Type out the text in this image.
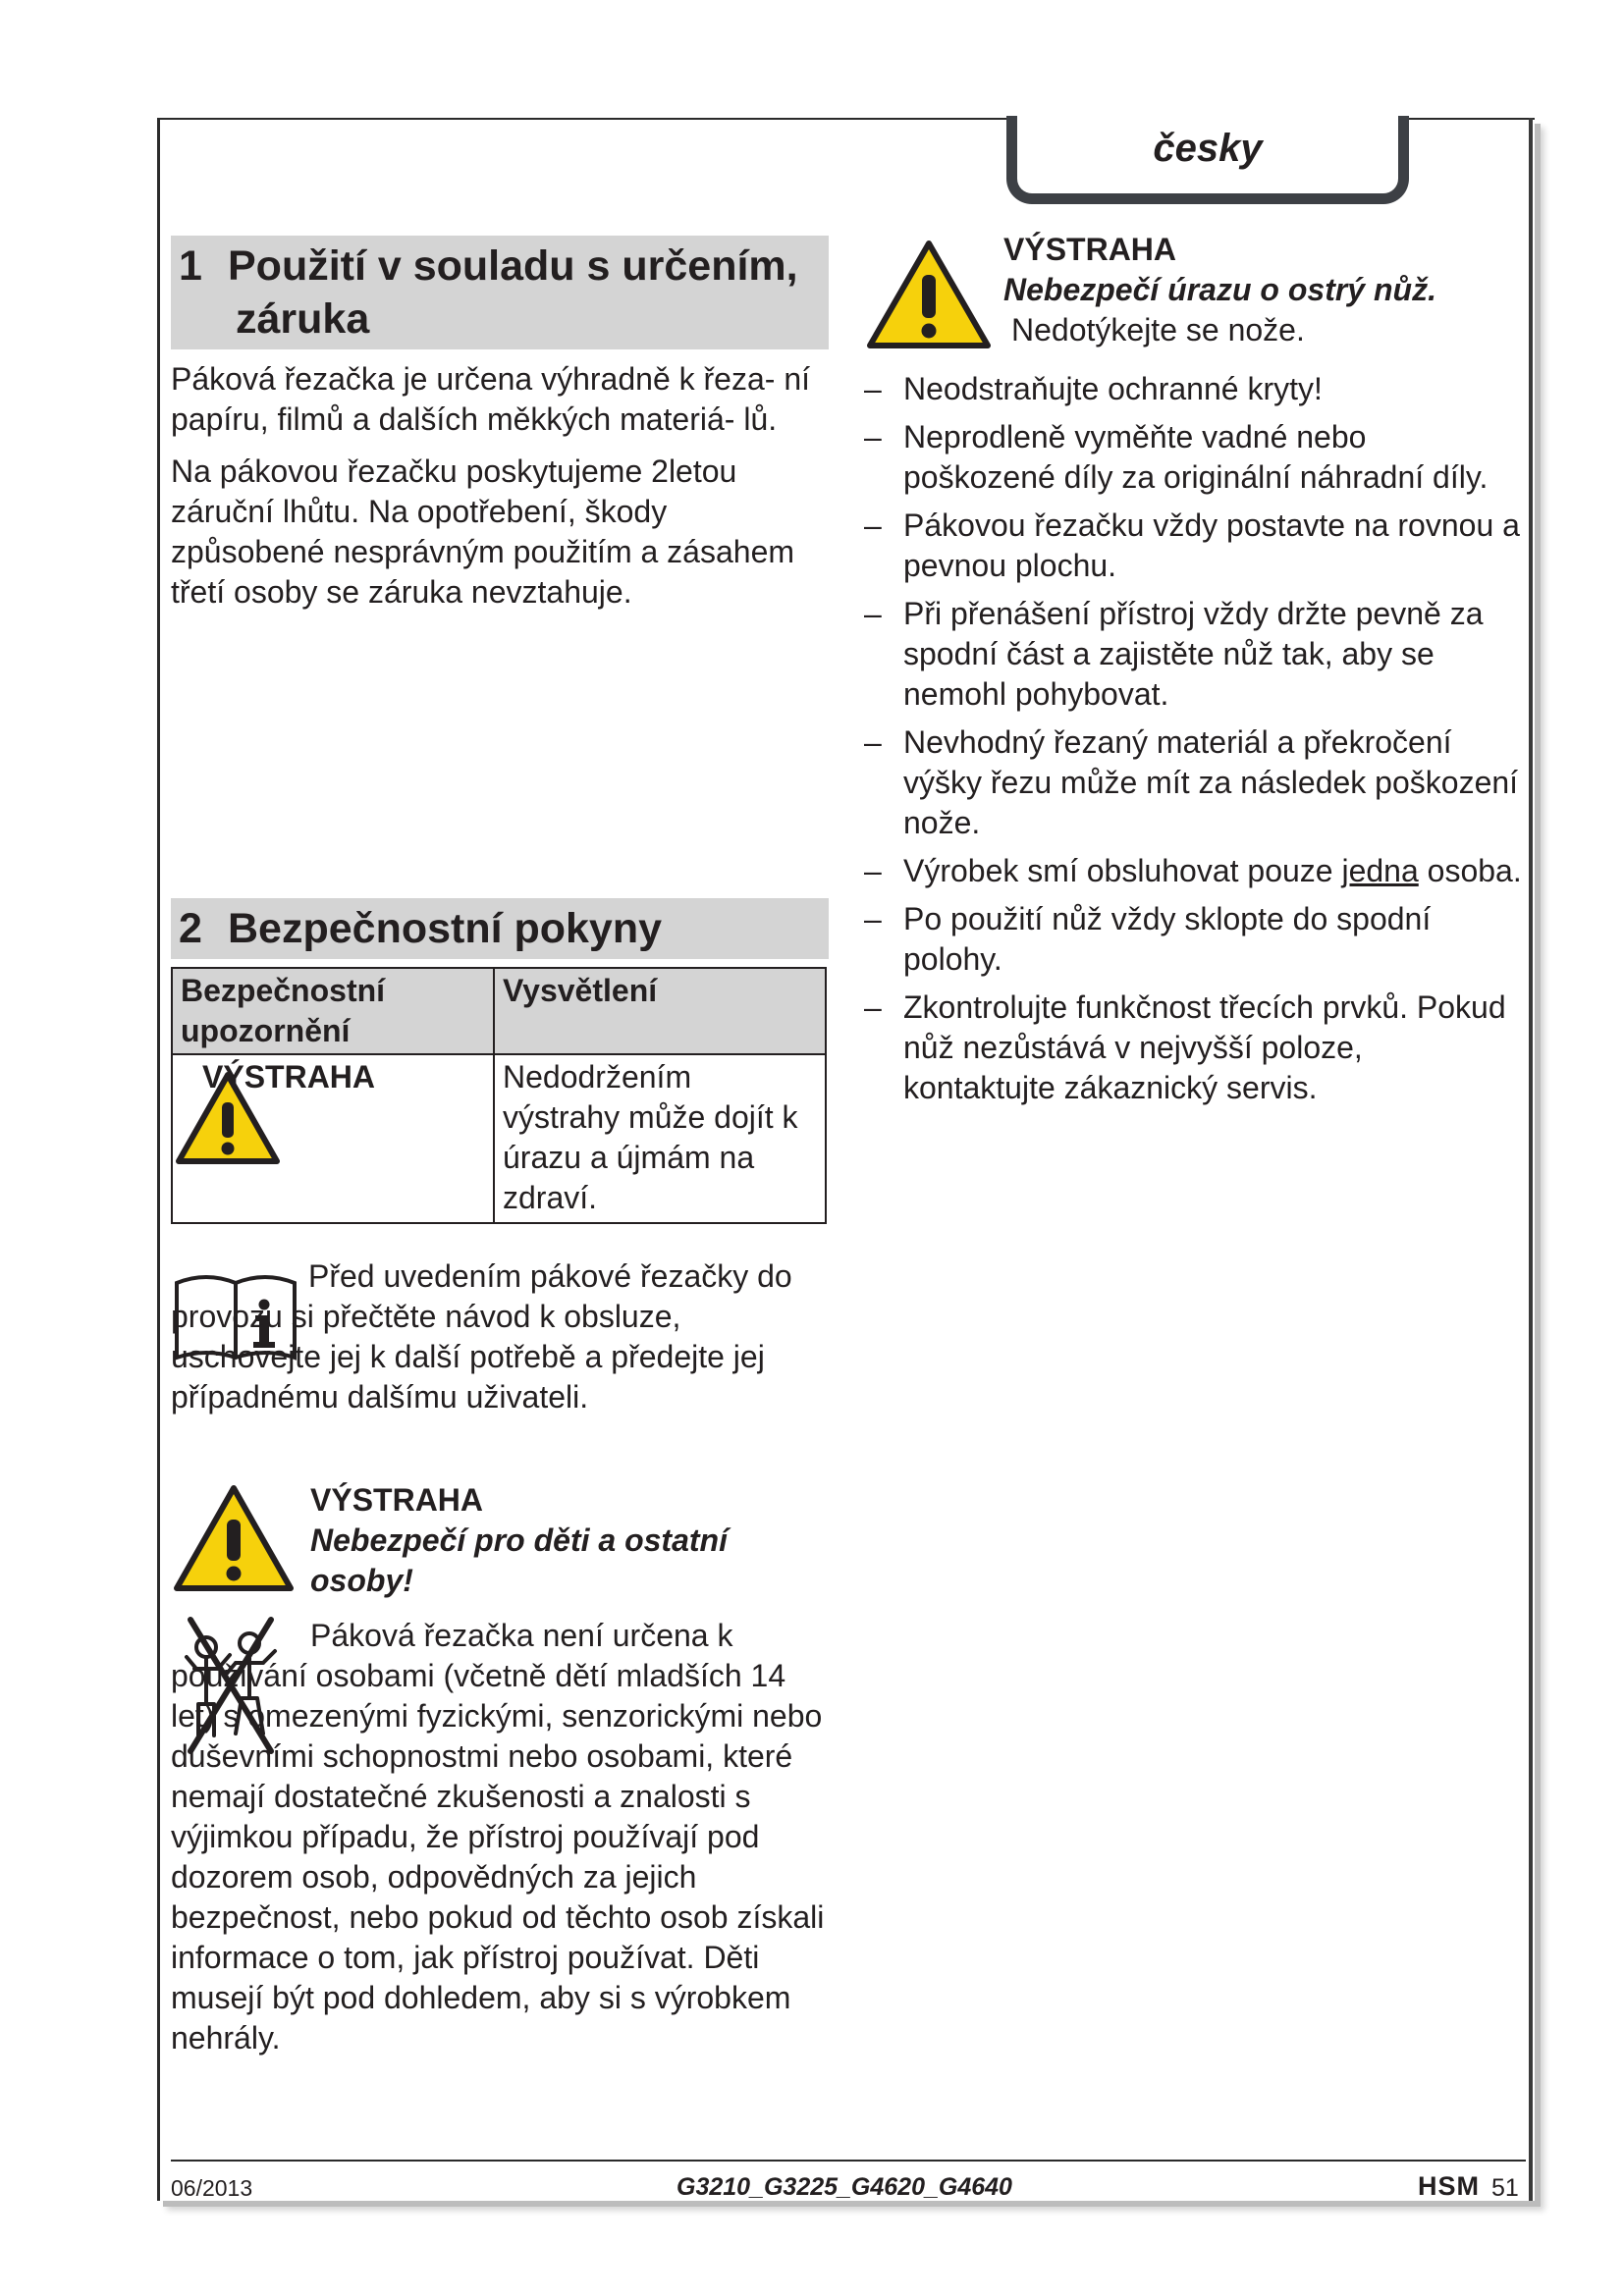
česky
1 Použití v souladu s určením,
záruka

Páková řezačka je určena výhradně k řeza- ní papíru, filmů a dalších měkkých materiá- lů.

Na pákovou řezačku poskytujeme 2letou záruční lhůtu. Na opotřebení, škody způsobené nesprávným použitím a zásahem třetí osoby se záruka nevztahuje.

2 Bezpečnostní pokyny
Bezpečnostní upozornění	Vysvětlení

VÝSTRAHA	Nedodržením výstrahy může dojít k úrazu a újmám na zdraví.

Před uvedením pákové řezačky do provozu si přečtěte návod k obsluze, uschovejte jej k další potřebě a předejte jej případnému dalšímu uživateli.

VÝSTRAHA
Nebezpečí pro děti a ostatní osoby!

Páková řezačka není určena k používání osobami (včetně dětí mladších 14 let) s omezenými fyzickými, senzorickými nebo duševními schopnostmi nebo osobami, které nemají dostatečné zkušenosti a znalosti s výjimkou případu, že přístroj používají pod dozorem osob, odpovědných za jejich bezpečnost, nebo pokud od těchto osob získali informace o tom, jak přístroj používat. Děti musejí být pod dohledem, aby si s výrobkem nehrály.

VÝSTRAHA
Nebezpečí úrazu o ostrý nůž.
Nedotýkejte se nože.
– Neodstraňujte ochranné kryty!
– Neprodleně vyměňte vadné nebo poškozené díly za originální náhradní díly.
– Pákovou řezačku vždy postavte na rovnou a pevnou plochu.
– Při přenášení přístroj vždy držte pevně za spodní část a zajistěte nůž tak, aby se nemohl pohybovat.
– Nevhodný řezaný materiál a překročení výšky řezu může mít za následek poškození nože.
– Výrobek smí obsluhovat pouze jedna osoba.
– Po použití nůž vždy sklopte do spodní polohy.
– Zkontrolujte funkčnost třecích prvků. Pokud nůž nezůstává v nejvyšší poloze, kontaktujte zákaznický servis.
06/2013	G3210_G3225_G4620_G4640	HSM 51
